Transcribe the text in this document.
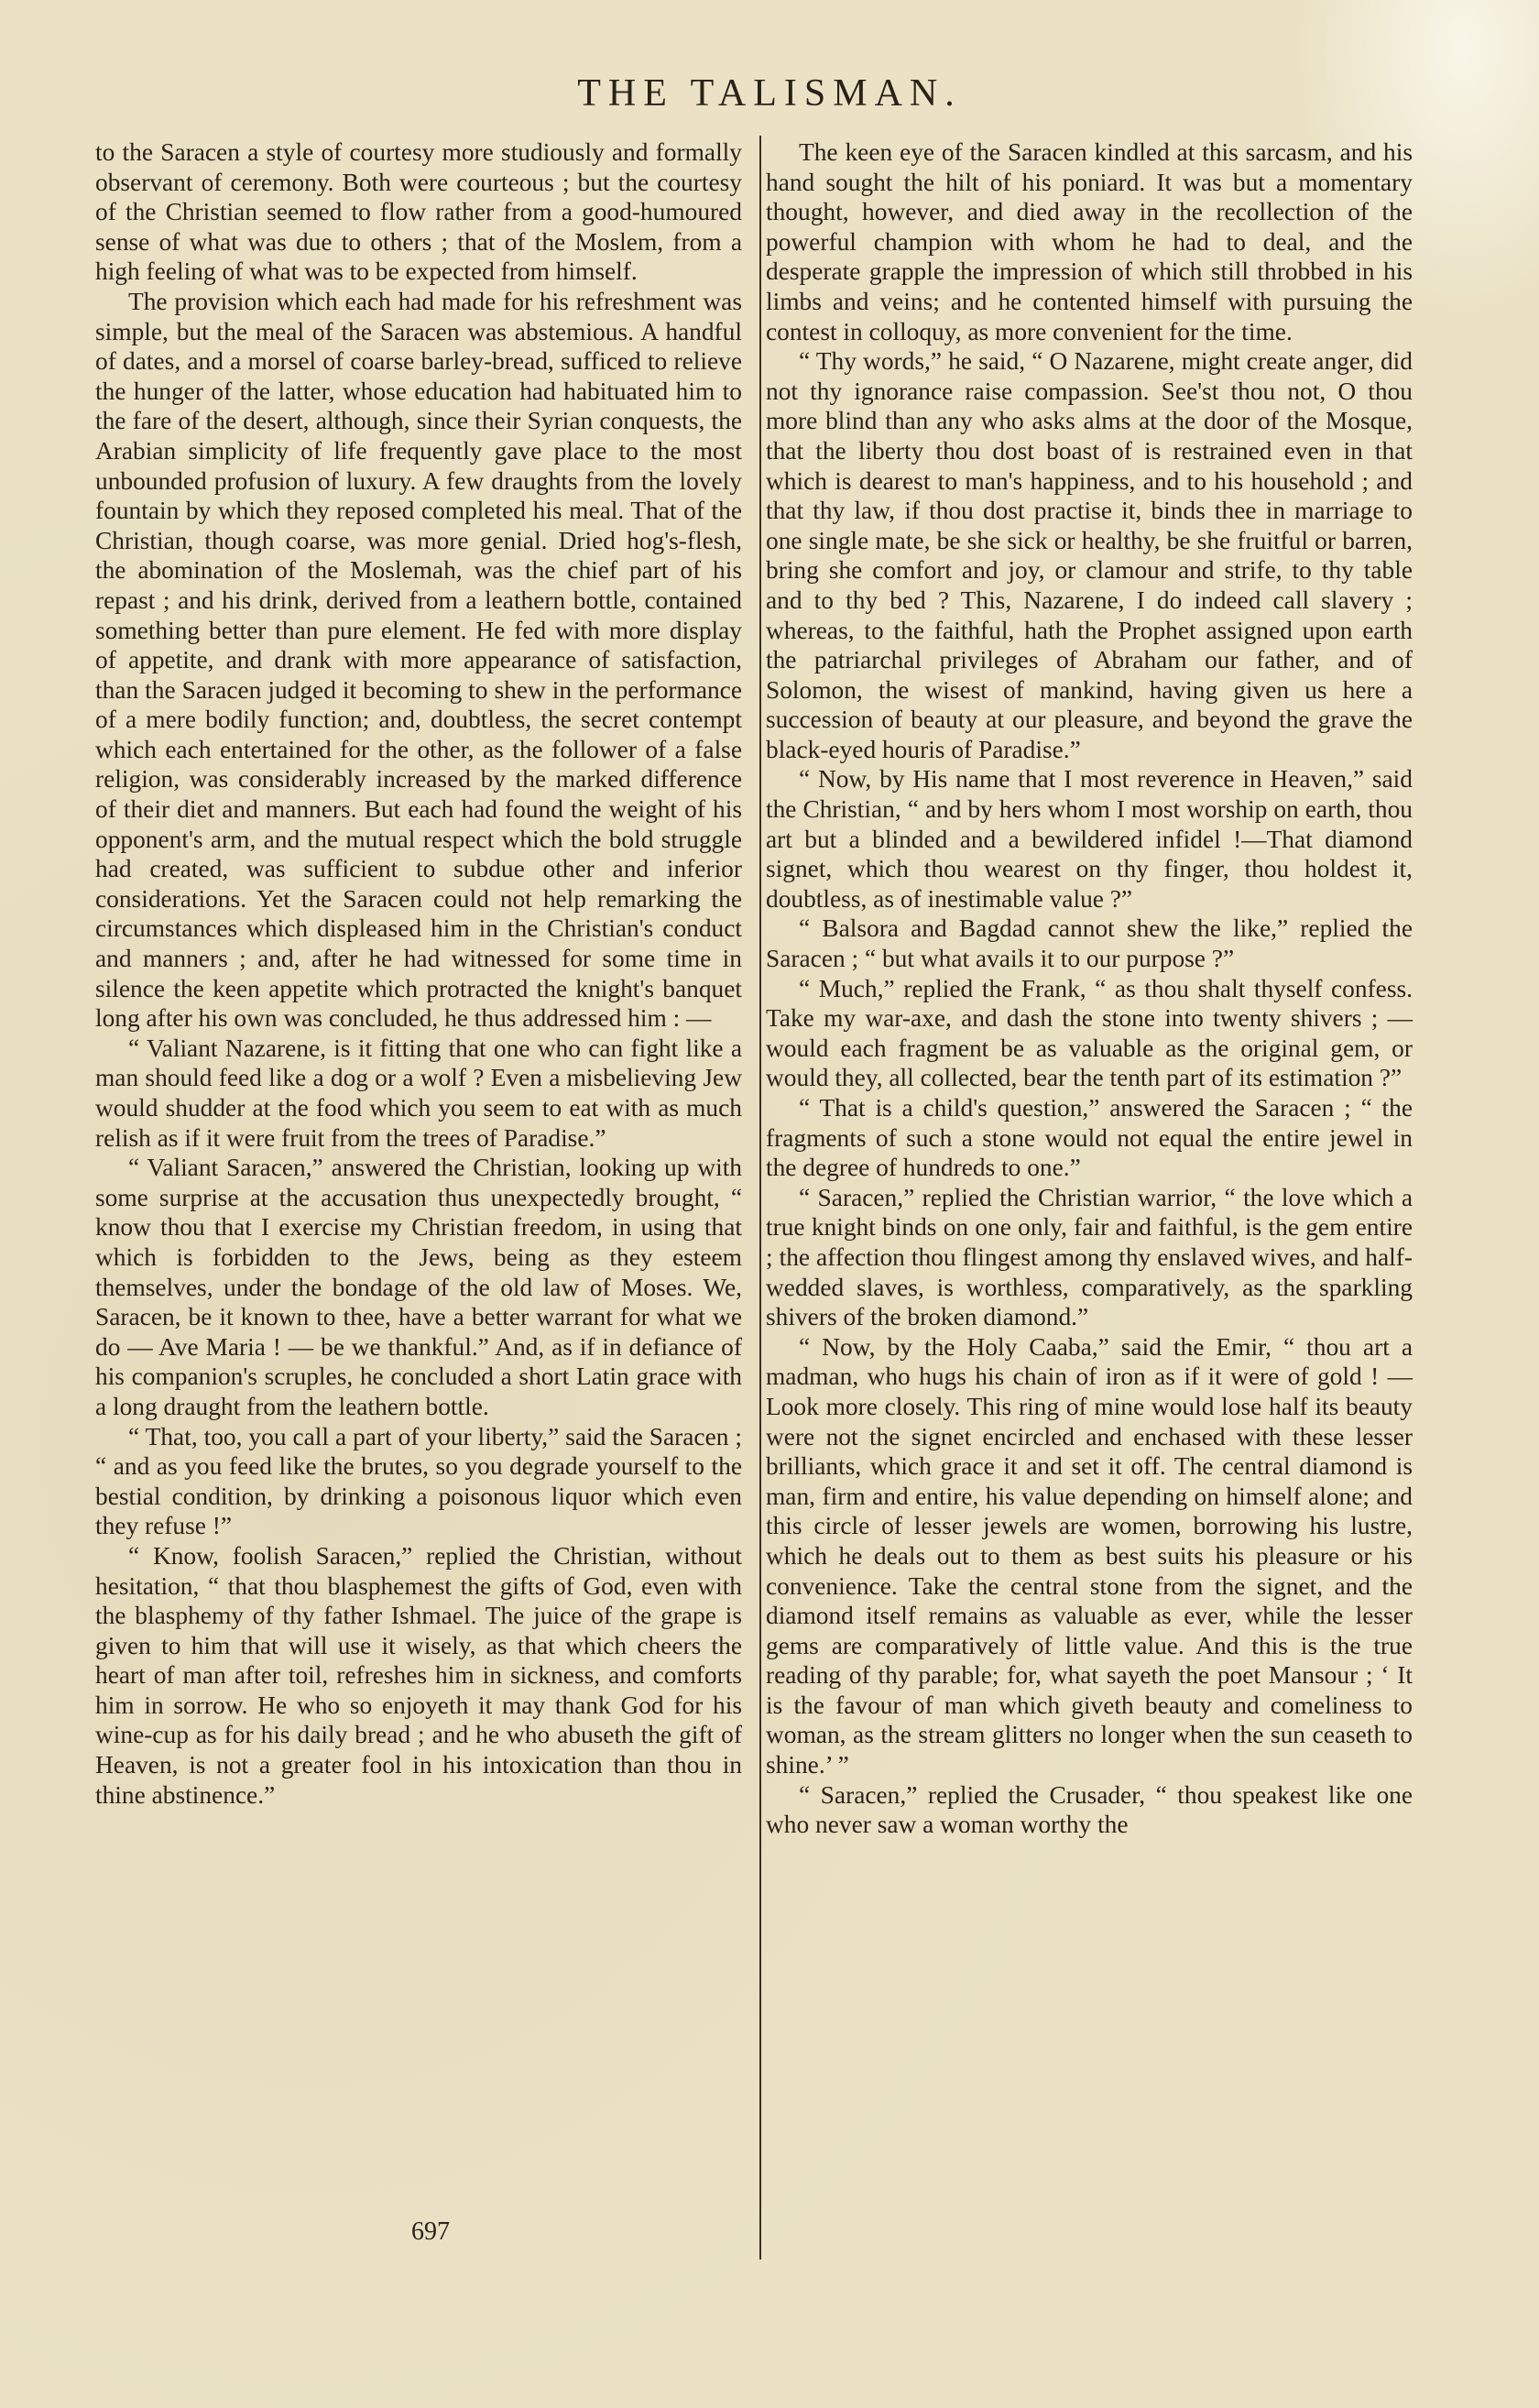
THE TALISMAN.

to the Saracen a style of courtesy more studiously and formally observant of ceremony. Both were courteous ; but the courtesy of the Christian seemed to flow rather from a good-humoured sense of what was due to others ; that of the Moslem, from a high feeling of what was to be expected from himself.

The provision which each had made for his refreshment was simple, but the meal of the Saracen was abstemious. A handful of dates, and a morsel of coarse barley-bread, sufficed to relieve the hunger of the latter, whose education had habituated him to the fare of the desert, although, since their Syrian conquests, the Arabian simplicity of life frequently gave place to the most unbounded profusion of luxury. A few draughts from the lovely fountain by which they reposed completed his meal. That of the Christian, though coarse, was more genial. Dried hog's-flesh, the abomination of the Moslemah, was the chief part of his repast ; and his drink, derived from a leathern bottle, contained something better than pure element. He fed with more display of appetite, and drank with more appearance of satisfaction, than the Saracen judged it becoming to shew in the performance of a mere bodily function; and, doubtless, the secret contempt which each entertained for the other, as the follower of a false religion, was considerably increased by the marked difference of their diet and manners. But each had found the weight of his opponent's arm, and the mutual respect which the bold struggle had created, was sufficient to subdue other and inferior considerations. Yet the Saracen could not help remarking the circumstances which displeased him in the Christian's conduct and manners ; and, after he had witnessed for some time in silence the keen appetite which protracted the knight's banquet long after his own was concluded, he thus addressed him : —

“ Valiant Nazarene, is it fitting that one who can fight like a man should feed like a dog or a wolf ? Even a misbelieving Jew would shudder at the food which you seem to eat with as much relish as if it were fruit from the trees of Paradise.”

“ Valiant Saracen,” answered the Christian, looking up with some surprise at the accusation thus unexpectedly brought, “ know thou that I exercise my Christian freedom, in using that which is forbidden to the Jews, being as they esteem themselves, under the bondage of the old law of Moses. We, Saracen, be it known to thee, have a better warrant for what we do — Ave Maria ! — be we thankful.” And, as if in defiance of his companion's scruples, he concluded a short Latin grace with a long draught from the leathern bottle.

“ That, too, you call a part of your liberty,” said the Saracen ; “ and as you feed like the brutes, so you degrade yourself to the bestial condition, by drinking a poisonous liquor which even they refuse !”

“ Know, foolish Saracen,” replied the Christian, without hesitation, “ that thou blasphemest the gifts of God, even with the blasphemy of thy father Ishmael. The juice of the grape is given to him that will use it wisely, as that which cheers the heart of man after toil, refreshes him in sickness, and comforts him in sorrow. He who so enjoyeth it may thank God for his wine-cup as for his daily bread ; and he who abuseth the gift of Heaven, is not a greater fool in his intoxication than thou in thine abstinence.”

The keen eye of the Saracen kindled at this sarcasm, and his hand sought the hilt of his poniard. It was but a momentary thought, however, and died away in the recollection of the powerful champion with whom he had to deal, and the desperate grapple the impression of which still throbbed in his limbs and veins; and he contented himself with pursuing the contest in colloquy, as more convenient for the time.

“ Thy words,” he said, “ O Nazarene, might create anger, did not thy ignorance raise compassion. See'st thou not, O thou more blind than any who asks alms at the door of the Mosque, that the liberty thou dost boast of is restrained even in that which is dearest to man's happiness, and to his household ; and that thy law, if thou dost practise it, binds thee in marriage to one single mate, be she sick or healthy, be she fruitful or barren, bring she comfort and joy, or clamour and strife, to thy table and to thy bed ? This, Nazarene, I do indeed call slavery ; whereas, to the faithful, hath the Prophet assigned upon earth the patriarchal privileges of Abraham our father, and of Solomon, the wisest of mankind, having given us here a succession of beauty at our pleasure, and beyond the grave the black-eyed houris of Paradise.”

“ Now, by His name that I most reverence in Heaven,” said the Christian, “ and by hers whom I most worship on earth, thou art but a blinded and a bewildered infidel !—That diamond signet, which thou wearest on thy finger, thou holdest it, doubtless, as of inestimable value ?”

“ Balsora and Bagdad cannot shew the like,” replied the Saracen ; “ but what avails it to our purpose ?”

“ Much,” replied the Frank, “ as thou shalt thyself confess. Take my war-axe, and dash the stone into twenty shivers ; — would each fragment be as valuable as the original gem, or would they, all collected, bear the tenth part of its estimation ?”

“ That is a child's question,” answered the Saracen ; “ the fragments of such a stone would not equal the entire jewel in the degree of hundreds to one.”

“ Saracen,” replied the Christian warrior, “ the love which a true knight binds on one only, fair and faithful, is the gem entire ; the affection thou flingest among thy enslaved wives, and half-wedded slaves, is worthless, comparatively, as the sparkling shivers of the broken diamond.”

“ Now, by the Holy Caaba,” said the Emir, “ thou art a madman, who hugs his chain of iron as if it were of gold ! — Look more closely. This ring of mine would lose half its beauty were not the signet encircled and enchased with these lesser brilliants, which grace it and set it off. The central diamond is man, firm and entire, his value depending on himself alone; and this circle of lesser jewels are women, borrowing his lustre, which he deals out to them as best suits his pleasure or his convenience. Take the central stone from the signet, and the diamond itself remains as valuable as ever, while the lesser gems are comparatively of little value. And this is the true reading of thy parable; for, what sayeth the poet Mansour ; ‘ It is the favour of man which giveth beauty and comeliness to woman, as the stream glitters no longer when the sun ceaseth to shine.’ ”

“ Saracen,” replied the Crusader, “ thou speakest like one who never saw a woman worthy the

697
